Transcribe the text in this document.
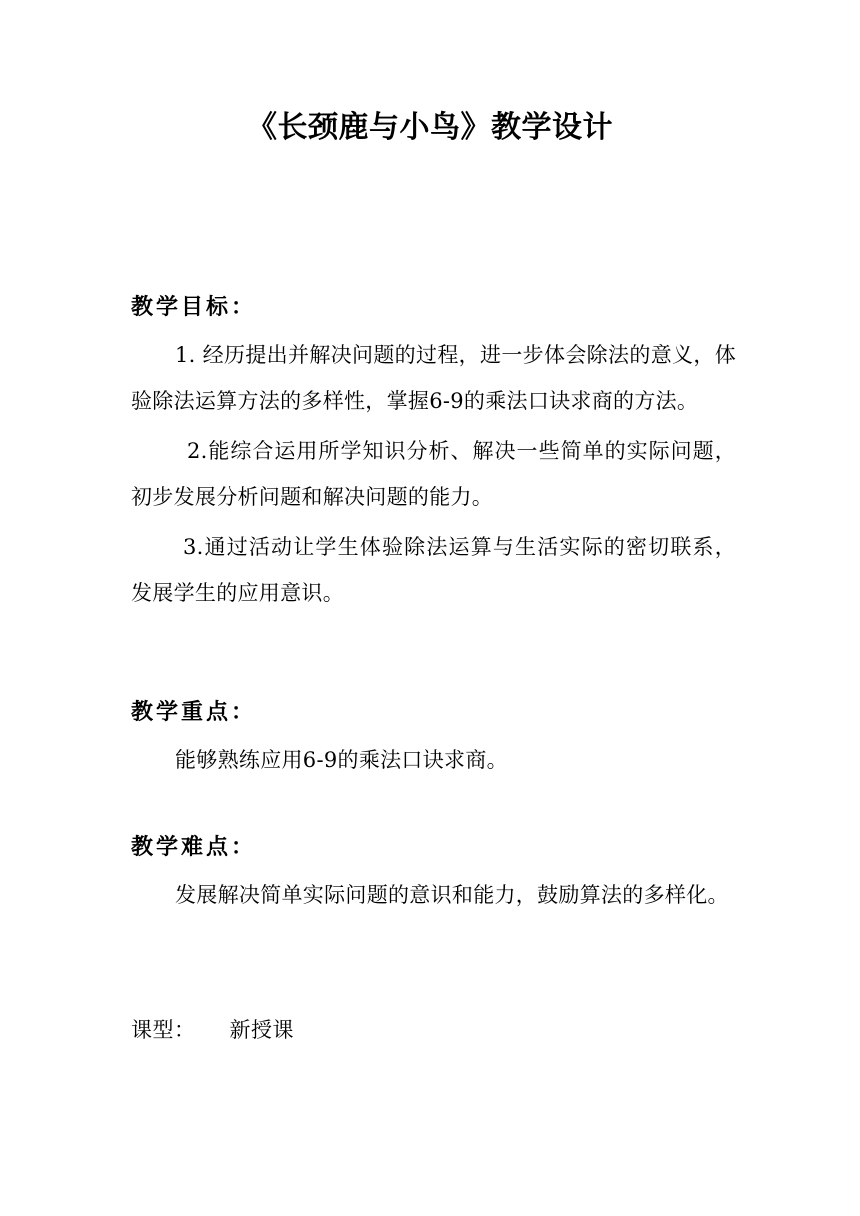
《长颈鹿与小鸟》教学设计

教学目标：

1. 经历提出并解决问题的过程，进一步体会除法的意义，体验除法运算方法的多样性，掌握6-9的乘法口诀求商的方法。

2.能综合运用所学知识分析、解决一些简单的实际问题，初步发展分析问题和解决问题的能力。

3.通过活动让学生体验除法运算与生活实际的密切联系，发展学生的应用意识。

教学重点：

能够熟练应用6-9的乘法口诀求商。

教学难点：

发展解决简单实际问题的意识和能力，鼓励算法的多样化。

课型： 新授课
